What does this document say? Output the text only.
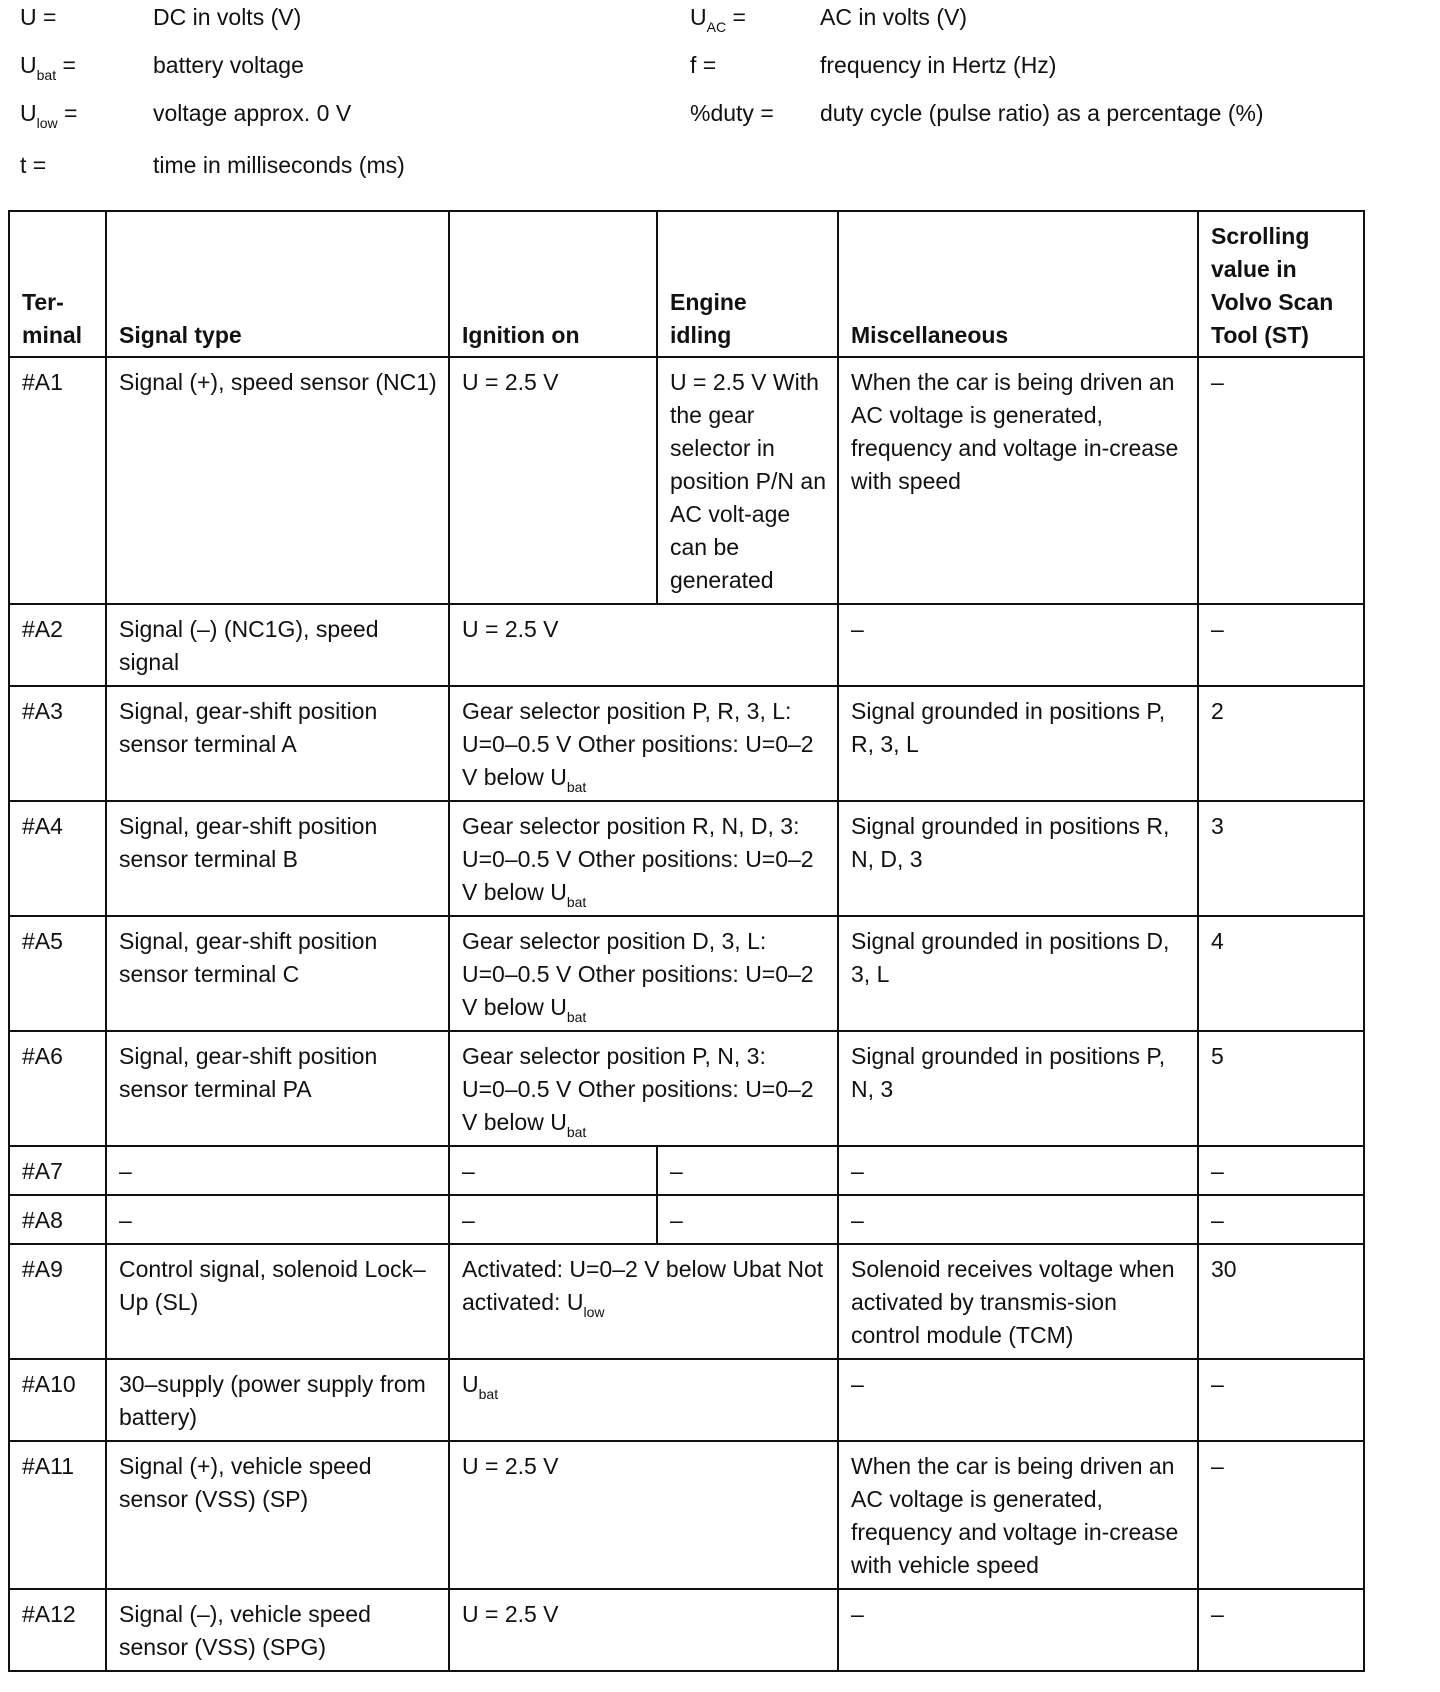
U =	DC in volts (V)
$U_{bat}$ =	battery voltage
$U_{low}$ =	voltage approx. 0 V
t =	time in milliseconds (ms)
$U_{AC}$ =	AC in volts (V)
f =	frequency in Hertz (Hz)
%duty = duty cycle (pulse ratio) as a percentage (%)
Ter-
minal	Signal type	Ignition on	Engine
idling	Miscellaneous	Scrolling
value in
Volvo Scan
Tool (ST)
#A1	Signal (+), speed sensor (NC1)	U = 2.5 V	U = 2.5 V With the gear selector in position P/N an AC volt-age can be generated	When the car is being driven an AC voltage is generated, frequency and voltage in-crease with speed	–
#A2	Signal (–) (NC1G), speed signal	U = 2.5 V		–	–
#A3	Signal, gear-shift position sensor terminal A	Gear selector position P, R, 3, L: U=0–0.5 V Other positions: U=0–2 V below $U_{bat}$		Signal grounded in positions P, R, 3, L	2
#A4	Signal, gear-shift position sensor terminal B	Gear selector position R, N, D, 3: U=0–0.5 V Other positions: U=0–2 V below $U_{bat}$		Signal grounded in positions R, N, D, 3	3
#A5	Signal, gear-shift position sensor terminal C	Gear selector position D, 3, L: U=0–0.5 V Other positions: U=0–2 V below $U_{bat}$		Signal grounded in positions D, 3, L	4
#A6	Signal, gear-shift position sensor terminal PA	Gear selector position P, N, 3: U=0–0.5 V Other positions: U=0–2 V below $U_{bat}$		Signal grounded in positions P, N, 3	5
#A7	–	–	–	–	–
#A8	–	–	–	–	–
#A9	Control signal, solenoid Lock–Up (SL)	Activated: U=0–2 V below Ubat Not activated: $U_{low}$		Solenoid receives voltage when activated by transmis-sion control module (TCM)	30
#A10	30–supply (power supply from battery)	$U_{bat}$		–	–
#A11	Signal (+), vehicle speed sensor (VSS) (SP)	U = 2.5 V		When the car is being driven an AC voltage is generated, frequency and voltage in-crease with vehicle speed	–
#A12	Signal (–), vehicle speed sensor (VSS) (SPG)	U = 2.5 V		–	–
